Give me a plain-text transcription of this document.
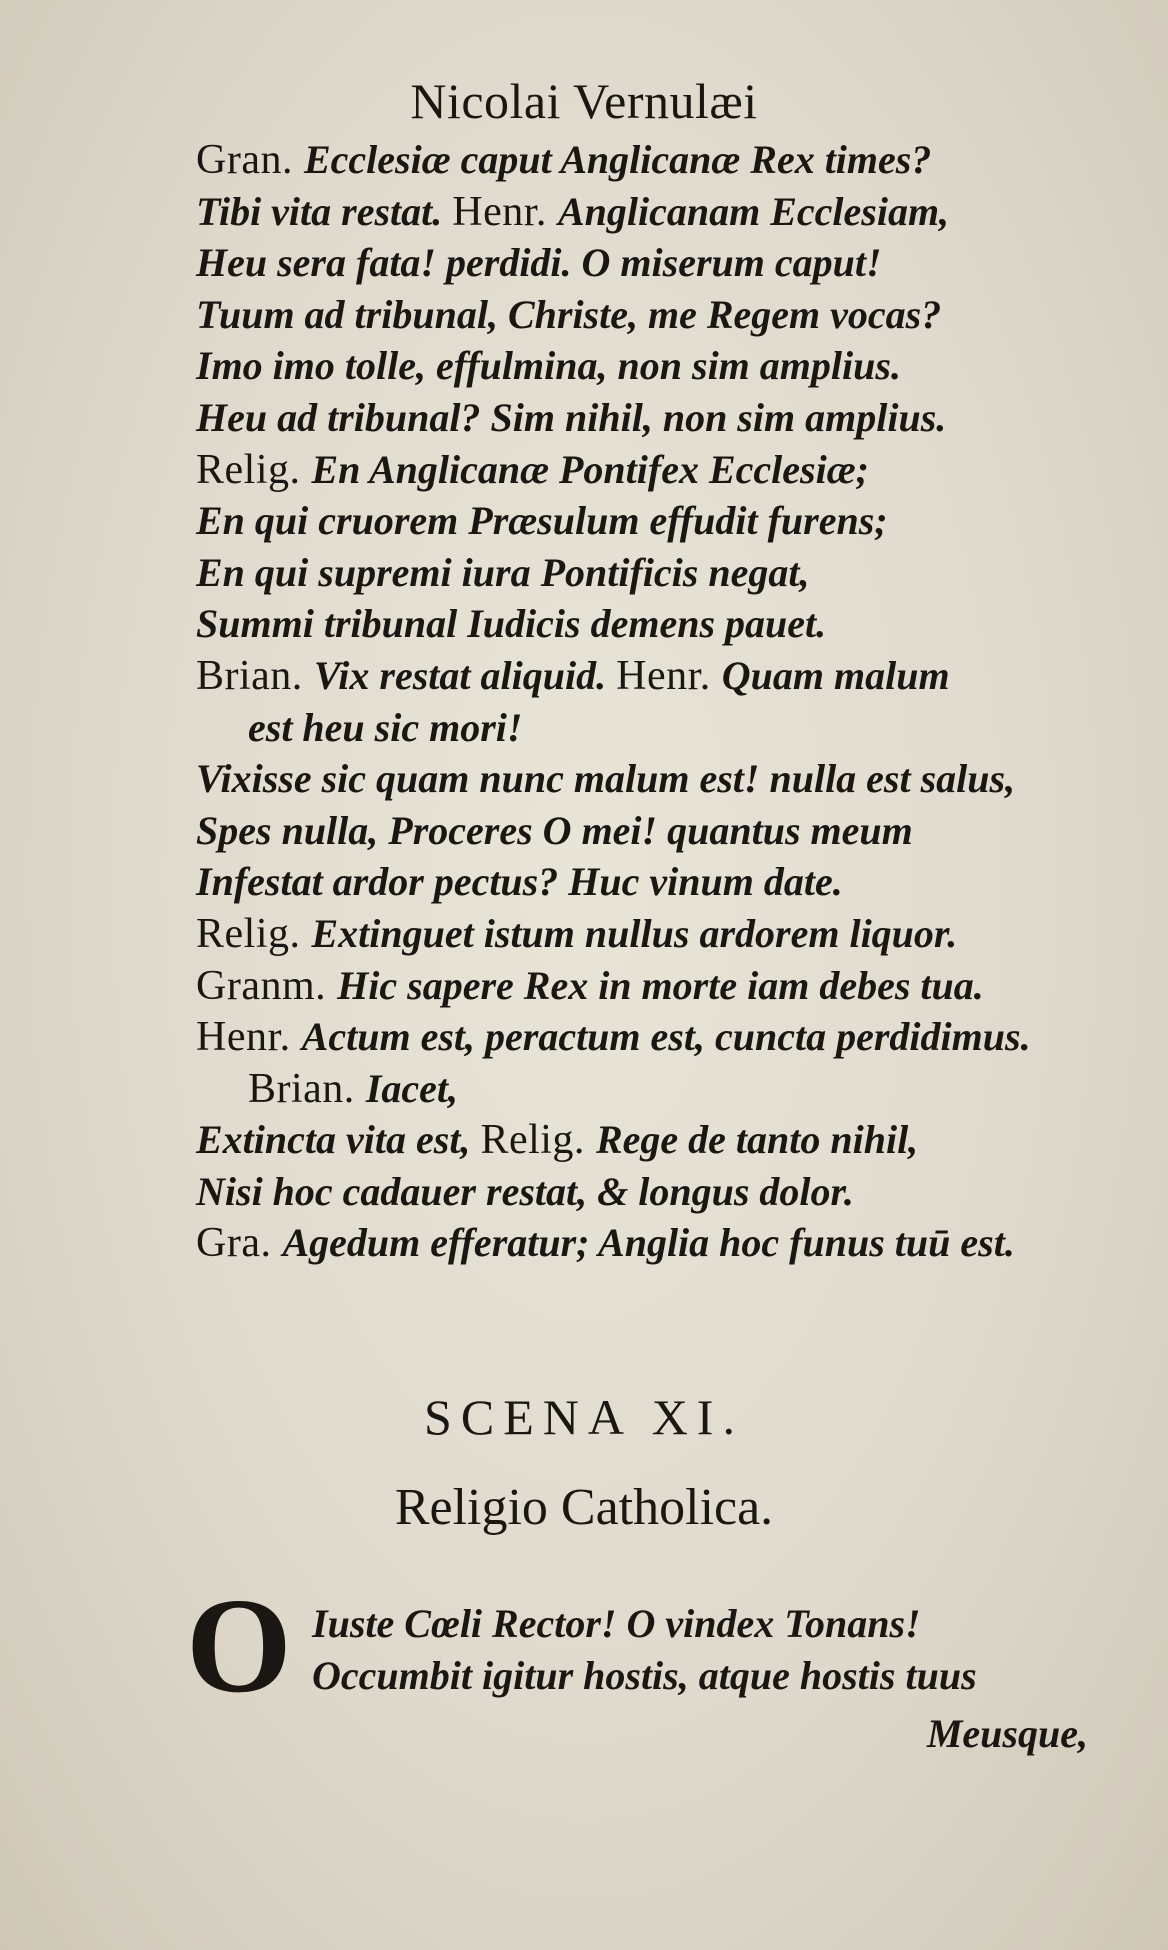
Nicolai Vernulæi
Gran. Ecclesiæ caput Anglicanæ Rex times?
Tibi vita restat. Henr. Anglicanam Ecclesiam,
Heu sera fata! perdidi. O miserum caput!
Tuum ad tribunal, Christe, me Regem vocas?
Imo imo tolle, effulmina, non sim amplius.
Heu ad tribunal? Sim nihil, non sim amplius.
Relig. En Anglicanæ Pontifex Ecclesiæ;
En qui cruorem Præsulum effudit furens;
En qui supremi iura Pontificis negat,
Summi tribunal Iudicis demens pauet.
Brian. Vix restat aliquid. Henr. Quam malum
est heu sic mori!
Vixisse sic quam nunc malum est! nulla est salus,
Spes nulla, Proceres O mei! quantus meum
Infestat ardor pectus? Huc vinum date.
Relig. Extinguet istum nullus ardorem liquor.
Granm. Hic sapere Rex in morte iam debes tua.
Henr. Actum est, peractum est, cuncta perdidimus.
Brian. Iacet,
Extincta vita est, Relig. Rege de tanto nihil,
Nisi hoc cadauer restat, & longus dolor.
Gra. Agedum efferatur; Anglia hoc funus tuū est.
SCENA XI.
Religio Catholica.
O Iuste Cœli Rector! O vindex Tonans!
Occumbit igitur hostis, atque hostis tuus
Meusque,
